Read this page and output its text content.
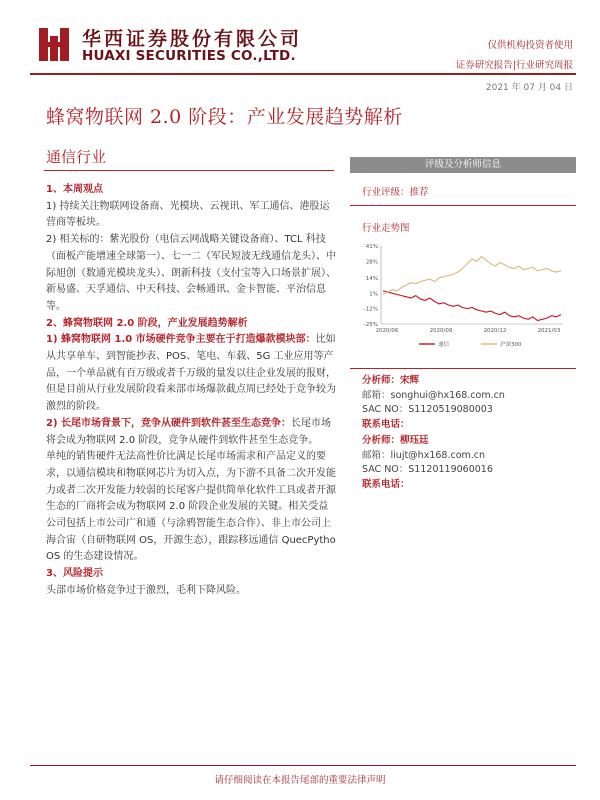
华西证券股份有限公司
HUAXI SECURITIES CO.,LTD.
仅供机构投资者使用
证券研究报告|行业研究周报
2021 年 07 月 04 日
蜂窝物联网 2.0 阶段：产业发展趋势解析
通信行业

1、本周观点

1) 持续关注物联网设备商、光模块、云视讯、军工通信、港股运营商等板块。

2) 相关标的：紫光股份（电信云网战略关键设备商）、TCL 科技（面板产能增速全球第一）、七一二（军民短波无线通信龙头）、中际旭创（数通光模块龙头）、朗新科技（支付宝等入口场景扩展）、新易盛、天孚通信、中天科技、会畅通讯、金卡智能、平治信息等。

2、蜂窝物联网 2.0 阶段，产业发展趋势解析

1) 蜂窝物联网 1.0 市场硬件竞争主要在于打造爆款模块部：比如从共享单车、到智能抄表、POS、笔电、车载、5G 工业应用等产品，一个单品就有百万级或者千万级的量发以往企业发展的报财，但是目前从行业发展阶段看来部市场爆款截点周已经处于竞争较为激烈的阶段。

2) 长尾市场背景下，竞争从硬件到软件甚至生态竞争：长尾市场将会成为物联网 2.0 阶段，竞争从硬件到软件甚至生态竞争。

单纯的销售硬件无法高性价比满足长尾市场需求和产品定义的要求，以通信模块和物联网芯片为切入点，为下游不具备二次开发能力或者二次开发能力较弱的长尾客户提供简单化软件工具或者开源生态的厂商将会成为物联网 2.0 阶段企业发展的关键。相关受益公司包括上市公司广和通（与涂鸦智能生态合作）、非上市公司上海合宙（自研物联网 OS，开源生态），跟踪移远通信 QuecPytho OS 的生态建设情况。

3、风险提示

头部市场价格竞争过于激烈，毛利下降风险。

评级及分析师信息
行业评级：推荐
行业走势图
41%
28%
14%
1%
-12%
-25%
2020/06	2020/09	2020/12	2021/03
通信	沪深300
分析师：宋辉
邮箱：songhui@hx168.com.cn
SAC NO：S1120519080003
联系电话：
分析师：柳珏廷
邮箱：liujt@hx168.com.cn
SAC NO：S1120119060016
联系电话：
请仔细阅读在本报告尾部的重要法律声明
